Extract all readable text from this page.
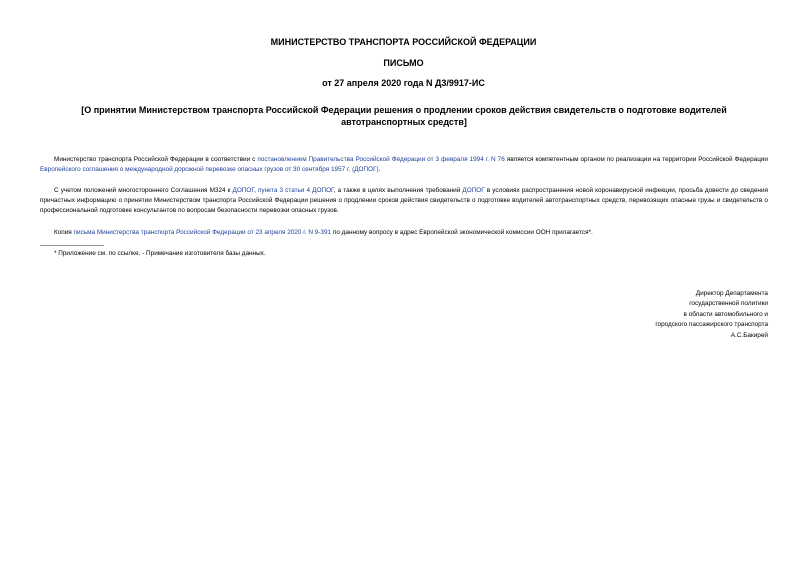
МИНИСТЕРСТВО ТРАНСПОРТА РОССИЙСКОЙ ФЕДЕРАЦИИ

ПИСЬМО

от 27 апреля 2020 года N Д3/9917-ИС

[О принятии Министерством транспорта Российской Федерации решения о продлении сроков действия свидетельств о подготовке водителей автотранспортных средств]

Министерство транспорта Российской Федерации в соответствии с постановлением Правительства Российской Федерации от 3 февраля 1994 г. N 76 является компетентным органом по реализации на территории Российской Федерации Европейского соглашения о международной дорожной перевозке опасных грузов от 30 сентября 1957 г. (ДОПОГ).

С учетом положений многостороннего Соглашения М324 к ДОПОГ, пункта 3 статьи 4 ДОПОГ, а также в целях выполнения требований ДОПОГ в условиях распространения новой коронавирусной инфекции, просьба довести до сведения причастных информацию о принятии Министерством транспорта Российской Федерации решения о продлении сроков действия свидетельств о подготовке водителей автотранспортных средств, перевозящих опасные грузы и свидетельств о профессиональной подготовке консультантов по вопросам безопасности перевозки опасных грузов.

Копия письма Министерства транспорта Российской Федерации от 23 апреля 2020 г. N 9-391 по данному вопросу в адрес Европейской экономической комиссии ООН прилагается*.

* Приложение см. по ссылке. - Примечание изготовителя базы данных.

Директор Департамента
государственной политики
в области автомобильного и
городского пассажирского транспорта
А.С.Бакирей
